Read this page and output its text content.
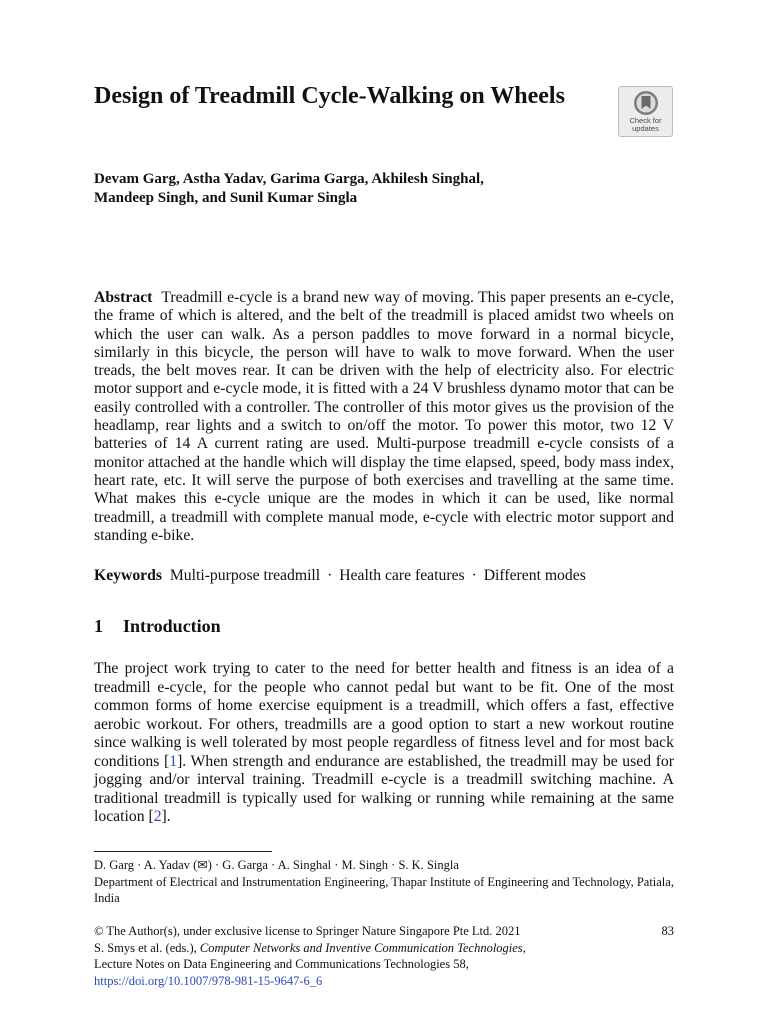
Design of Treadmill Cycle-Walking on Wheels
Check for
updates
Devam Garg, Astha Yadav, Garima Garga, Akhilesh Singhal,
Mandeep Singh, and Sunil Kumar Singla

Abstract Treadmill e-cycle is a brand new way of moving. This paper presents an e-cycle, the frame of which is altered, and the belt of the treadmill is placed amidst two wheels on which the user can walk. As a person paddles to move forward in a normal bicycle, similarly in this bicycle, the person will have to walk to move forward. When the user treads, the belt moves rear. It can be driven with the help of electricity also. For electric motor support and e-cycle mode, it is fitted with a 24 V brushless dynamo motor that can be easily controlled with a controller. The controller of this motor gives us the provision of the headlamp, rear lights and a switch to on/off the motor. To power this motor, two 12 V batteries of 14 A current rating are used. Multi-purpose treadmill e-cycle consists of a monitor attached at the handle which will display the time elapsed, speed, body mass index, heart rate, etc. It will serve the purpose of both exercises and travelling at the same time. What makes this e-cycle unique are the modes in which it can be used, like normal treadmill, a treadmill with complete manual mode, e-cycle with electric motor support and standing e-bike.

Keywords Multi-purpose treadmill · Health care features · Different modes
1 Introduction

The project work trying to cater to the need for better health and fitness is an idea of a treadmill e-cycle, for the people who cannot pedal but want to be fit. One of the most common forms of home exercise equipment is a treadmill, which offers a fast, effective aerobic workout. For others, treadmills are a good option to start a new workout routine since walking is well tolerated by most people regardless of fitness level and for most back conditions [1]. When strength and endurance are established, the treadmill may be used for jogging and/or interval training. Treadmill e-cycle is a treadmill switching machine. A traditional treadmill is typically used for walking or running while remaining at the same location [2].

D. Garg · A. Yadav (✉) · G. Garga · A. Singhal · M. Singh · S. K. Singla
Department of Electrical and Instrumentation Engineering, Thapar Institute of Engineering and Technology, Patiala, India
83
© The Author(s), under exclusive license to Springer Nature Singapore Pte Ltd. 2021
S. Smys et al. (eds.), Computer Networks and Inventive Communication Technologies,
Lecture Notes on Data Engineering and Communications Technologies 58,
https://doi.org/10.1007/978-981-15-9647-6_6
